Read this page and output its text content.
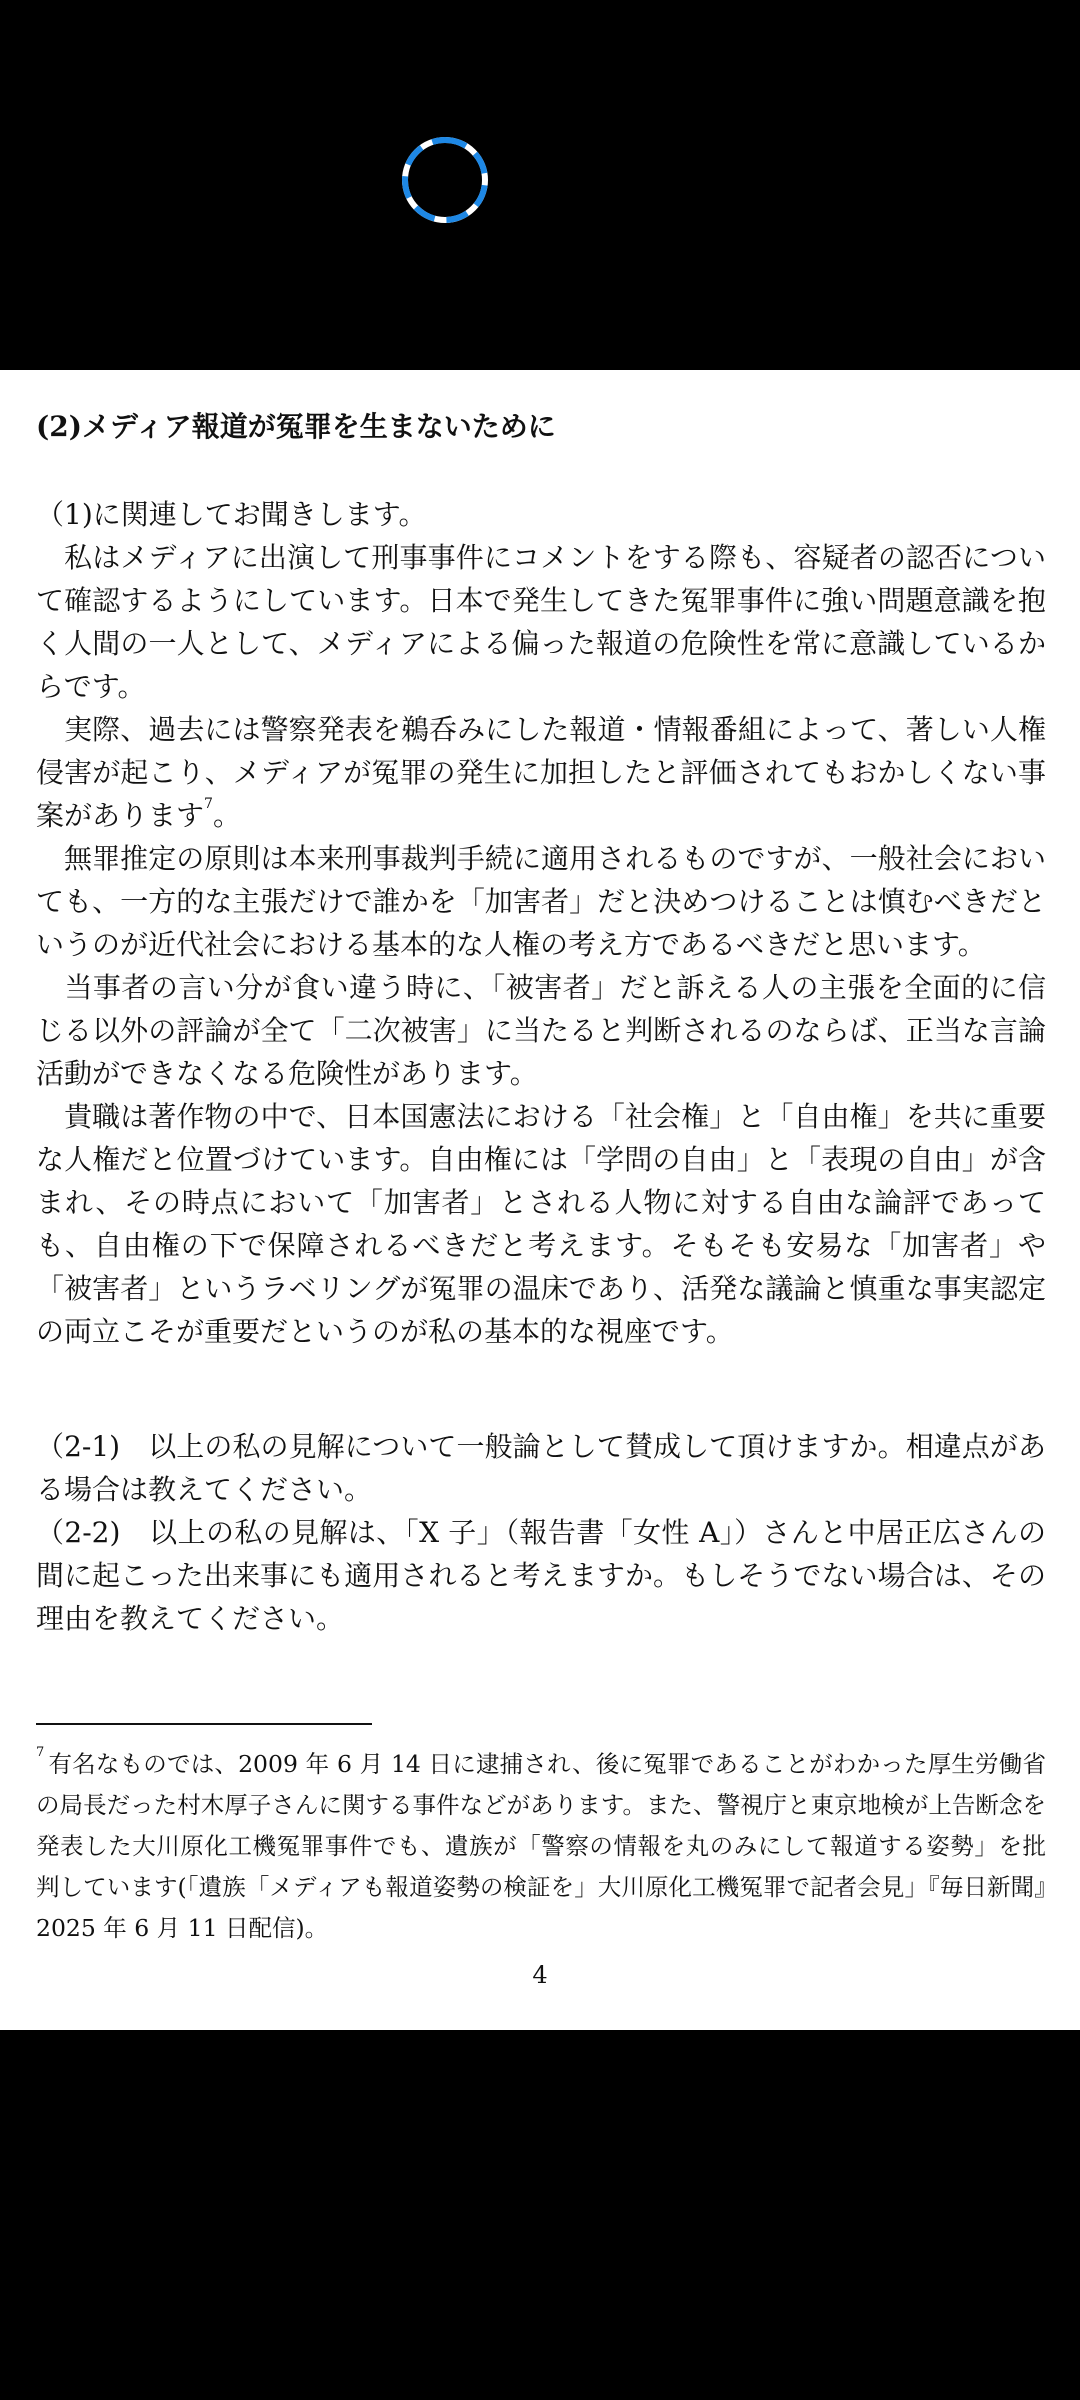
(2)メディア報道が冤罪を生まないために

（1)に関連してお聞きします。

　私はメディアに出演して刑事事件にコメントをする際も、容疑者の認否について確認するようにしています。日本で発生してきた冤罪事件に強い問題意識を抱く人間の一人として、メディアによる偏った報道の危険性を常に意識しているからです。

　実際、過去には警察発表を鵜呑みにした報道・情報番組によって、著しい人権侵害が起こり、メディアが冤罪の発生に加担したと評価されてもおかしくない事案があります$^7$。

　無罪推定の原則は本来刑事裁判手続に適用されるものですが、一般社会においても、一方的な主張だけで誰かを「加害者」だと決めつけることは慎むべきだというのが近代社会における基本的な人権の考え方であるべきだと思います。

　当事者の言い分が食い違う時に、「被害者」だと訴える人の主張を全面的に信じる以外の評論が全て「二次被害」に当たると判断されるのならば、正当な言論活動ができなくなる危険性があります。

　貴職は著作物の中で、日本国憲法における「社会権」と「自由権」を共に重要な人権だと位置づけています。自由権には「学問の自由」と「表現の自由」が含まれ、その時点において「加害者」とされる人物に対する自由な論評であっても、自由権の下で保障されるべきだと考えます。そもそも安易な「加害者」や「被害者」というラベリングが冤罪の温床であり、活発な議論と慎重な事実認定の両立こそが重要だというのが私の基本的な視座です。

（2-1)　以上の私の見解について一般論として賛成して頂けますか。相違点がある場合は教えてください。

（2-2)　以上の私の見解は、「X 子」（報告書「女性 A」）さんと中居正広さんの間に起こった出来事にも適用されると考えますか。もしそうでない場合は、その理由を教えてください。

$^7$ 有名なものでは、2009 年 6 月 14 日に逮捕され、後に冤罪であることがわかった厚生労働省の局長だった村木厚子さんに関する事件などがあります。また、警視庁と東京地検が上告断念を発表した大川原化工機冤罪事件でも、遺族が「警察の情報を丸のみにして報道する姿勢」を批判しています(「遺族「メディアも報道姿勢の検証を」大川原化工機冤罪で記者会見」『毎日新聞』2025 年 6 月 11 日配信)。

4
